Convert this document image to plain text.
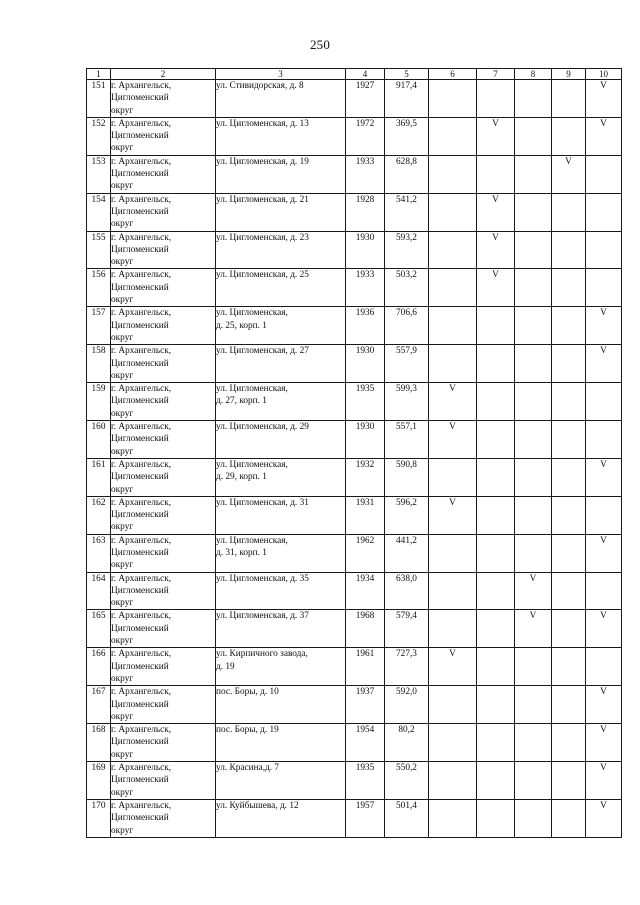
250
1	2	3	4	5	6	7	8	9	10
151	г. Архангельск,
Цигломенский
округ	ул. Стивидорская, д. 8	1927	917,4					V
152	г. Архангельск,
Цигломенский
округ	ул. Цигломенская, д. 13	1972	369,5		V			V
153	г. Архангельск,
Цигломенский
округ	ул. Цигломенская, д. 19	1933	628,8				V	
154	г. Архангельск,
Цигломенский
округ	ул. Цигломенская, д. 21	1928	541,2		V			
155	г. Архангельск,
Цигломенский
округ	ул. Цигломенская, д. 23	1930	593,2		V			
156	г. Архангельск,
Цигломенский
округ	ул. Цигломенская, д. 25	1933	503,2		V			
157	г. Архангельск,
Цигломенский
округ	ул. Цигломенская,
д. 25, корп. 1	1936	706,6					V
158	г. Архангельск,
Цигломенский
округ	ул. Цигломенская, д. 27	1930	557,9					V
159	г. Архангельск,
Цигломенский
округ	ул. Цигломенская,
д. 27, корп. 1	1935	599,3	V				
160	г. Архангельск,
Цигломенский
округ	ул. Цигломенская, д. 29	1930	557,1	V				
161	г. Архангельск,
Цигломенский
округ	ул. Цигломенская,
д. 29, корп. 1	1932	590,8					V
162	г. Архангельск,
Цигломенский
округ	ул. Цигломенская, д. 31	1931	596,2	V				
163	г. Архангельск,
Цигломенский
округ	ул. Цигломенская,
д. 31, корп. 1	1962	441,2					V
164	г. Архангельск,
Цигломенский
округ	ул. Цигломенская, д. 35	1934	638,0			V		
165	г. Архангельск,
Цигломенский
округ	ул. Цигломенская, д. 37	1968	579,4			V		V
166	г. Архангельск,
Цигломенский
округ	ул. Кирпичного завода,
д. 19	1961	727,3	V				
167	г. Архангельск,
Цигломенский
округ	пос. Боры, д. 10	1937	592,0					V
168	г. Архангельск,
Цигломенский
округ	пос. Боры, д. 19	1954	80,2					V
169	г. Архангельск,
Цигломенский
округ	ул. Красина,д. 7	1935	550,2					V
170	г. Архангельск,
Цигломенский
округ	ул. Куйбышева, д. 12	1957	501,4					V
